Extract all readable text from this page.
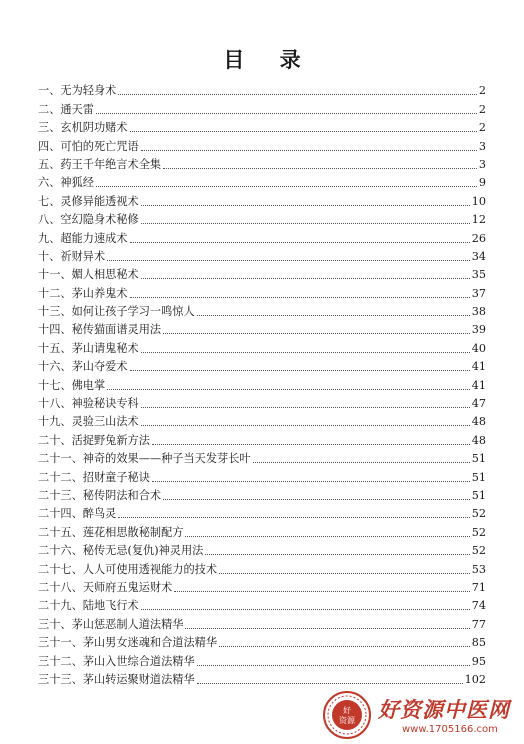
目 录
一、无为轻身术	2
二、通天雷	2
三、玄机阴功赌术	2
四、可怕的死亡咒语	3
五、药王千年绝言术全集	3
六、神狐经	9
七、灵修异能透视术	10
八、空幻隐身术秘修	12
九、超能力速成术	26
十、祈财异术	34
十一、媚人相思秘术	35
十二、茅山养鬼术	37
十三、如何让孩子学习一鸣惊人	38
十四、秘传猫面谱灵用法	39
十五、茅山请鬼秘术	40
十六、茅山夺爱术	41
十七、佛电掌	41
十八、神验秘诀专科	47
十九、灵验三山法术	48
二十、活捉野兔新方法	48
二十一、神奇的效果——种子当天发芽长叶	51
二十二、招财童子秘诀	51
二十三、秘传阴法和合术	51
二十四、醉鸟灵	52
二十五、莲花相思散秘制配方	52
二十六、秘传无忌(复仇)神灵用法	52
二十七、人人可使用透视能力的技术	53
二十八、天师府五鬼运财术	71
二十九、陆地飞行术	74
三十、茅山惩恶制人道法精华	77
三十一、茅山男女迷魂和合道法精华	85
三十二、茅山入世综合道法精华	95
三十三、茅山转运聚财道法精华	102
好
资源 好资源中医网
www.1705166.com
